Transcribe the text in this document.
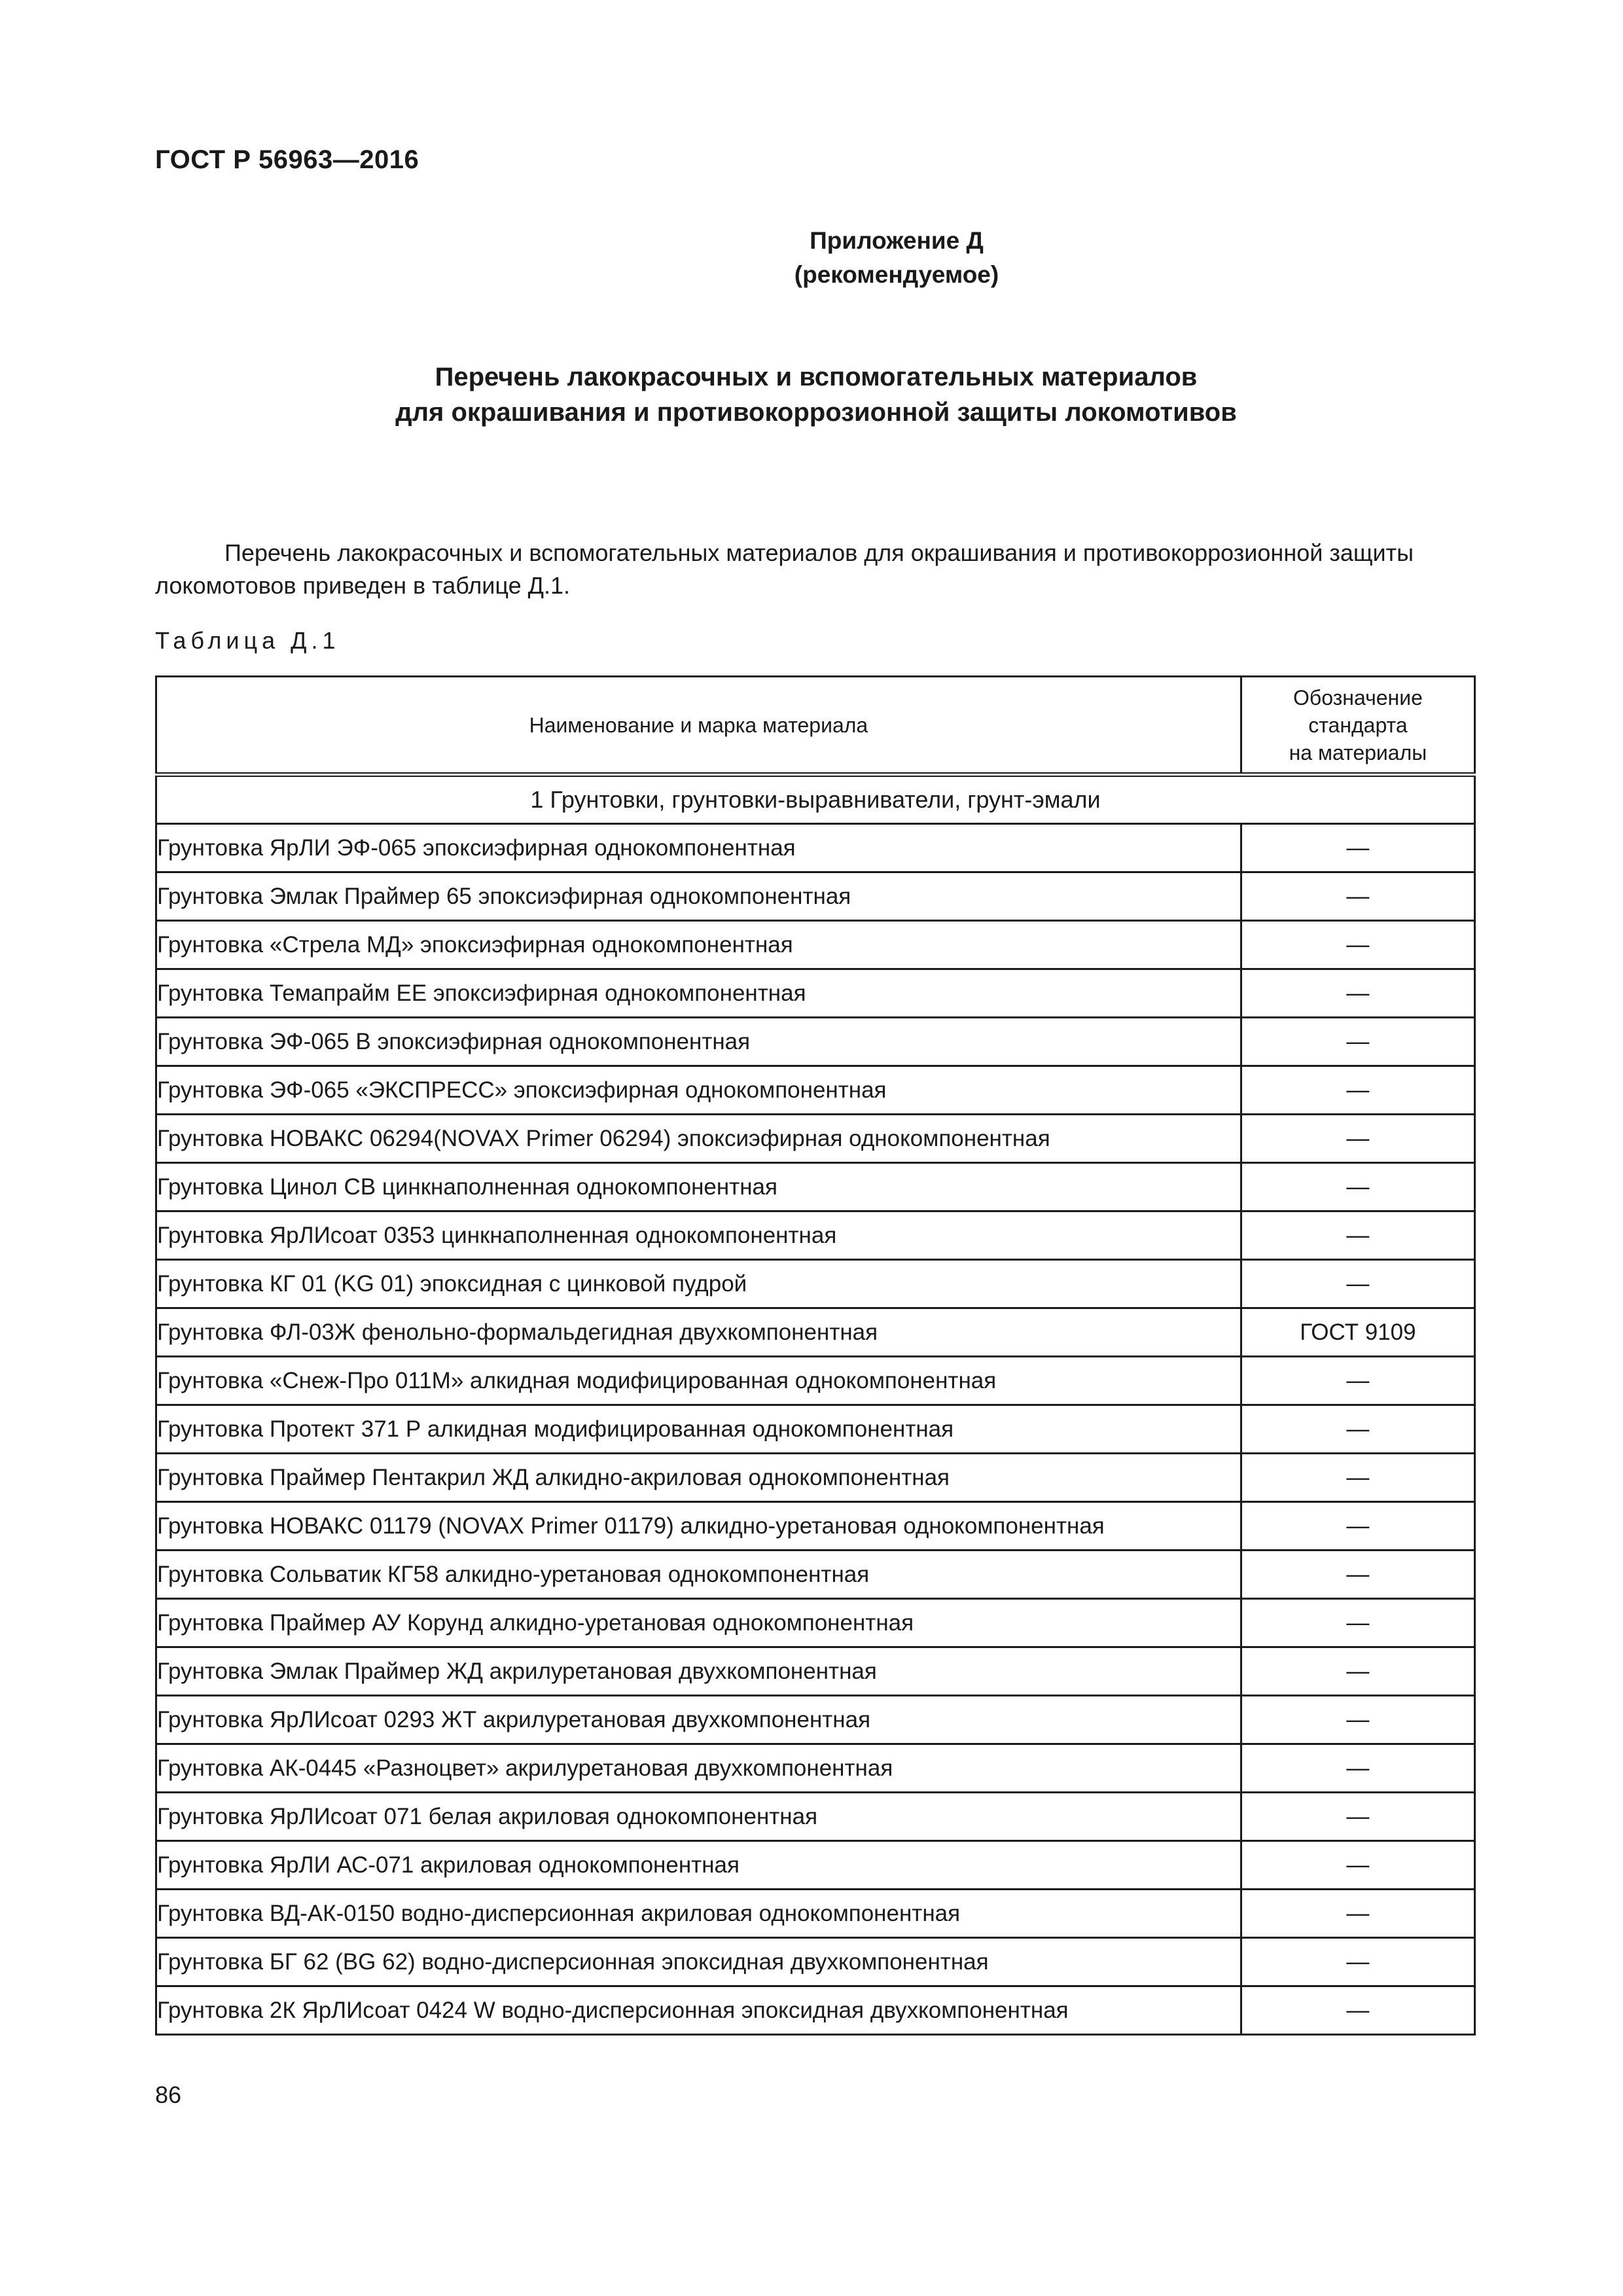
ГОСТ Р 56963—2016
Приложение Д
(рекомендуемое)
Перечень лакокрасочных и вспомогательных материалов
для окрашивания и противокоррозионной защиты локомотивов
Перечень лакокрасочных и вспомогательных материалов для окрашивания и противокоррозионной защиты
локомотовов приведен в таблице Д.1.
Таблица Д.1
Наименование и марка материала	Обозначение
стандарта
на материалы

1 Грунтовки, грунтовки-выравниватели, грунт-эмали	
Грунтовка ЯрЛИ ЭФ-065 эпоксиэфирная однокомпонентная	—
Грунтовка Эмлак Праймер 65 эпоксиэфирная однокомпонентная	—
Грунтовка «Стрела МД» эпоксиэфирная однокомпонентная	—
Грунтовка Темапрайм ЕЕ эпоксиэфирная однокомпонентная	—
Грунтовка ЭФ-065 В эпоксиэфирная однокомпонентная	—
Грунтовка ЭФ-065 «ЭКСПРЕСС» эпоксиэфирная однокомпонентная	—
Грунтовка НОВАКС 06294(NOVAX Primer 06294) эпоксиэфирная однокомпонентная	—
Грунтовка Цинол СВ цинкнаполненная однокомпонентная	—
Грунтовка ЯрЛИсоат 0353 цинкнаполненная однокомпонентная	—
Грунтовка КГ 01 (KG 01) эпоксидная с цинковой пудрой	—
Грунтовка ФЛ-03Ж фенольно-формальдегидная двухкомпонентная	ГОСТ 9109
Грунтовка «Снеж-Про 011М» алкидная модифицированная однокомпонентная	—
Грунтовка Протект 371 Р алкидная модифицированная однокомпонентная	—
Грунтовка Праймер Пентакрил ЖД алкидно-акриловая однокомпонентная	—
Грунтовка НОВАКС 01179 (NOVAX Primer 01179) алкидно-уретановая однокомпонентная	—
Грунтовка Сольватик КГ58 алкидно-уретановая однокомпонентная	—
Грунтовка Праймер АУ Корунд алкидно-уретановая однокомпонентная	—
Грунтовка Эмлак Праймер ЖД акрилуретановая двухкомпонентная	—
Грунтовка ЯрЛИсоат 0293 ЖТ акрилуретановая двухкомпонентная	—
Грунтовка АК-0445 «Разноцвет» акрилуретановая двухкомпонентная	—
Грунтовка ЯрЛИсоат 071 белая акриловая однокомпонентная	—
Грунтовка ЯрЛИ АС-071 акриловая однокомпонентная	—
Грунтовка ВД-АК-0150 водно-дисперсионная акриловая однокомпонентная	—
Грунтовка БГ 62 (BG 62) водно-дисперсионная эпоксидная двухкомпонентная	—
Грунтовка 2К ЯрЛИсоат 0424 W водно-дисперсионная эпоксидная двухкомпонентная	—
86
